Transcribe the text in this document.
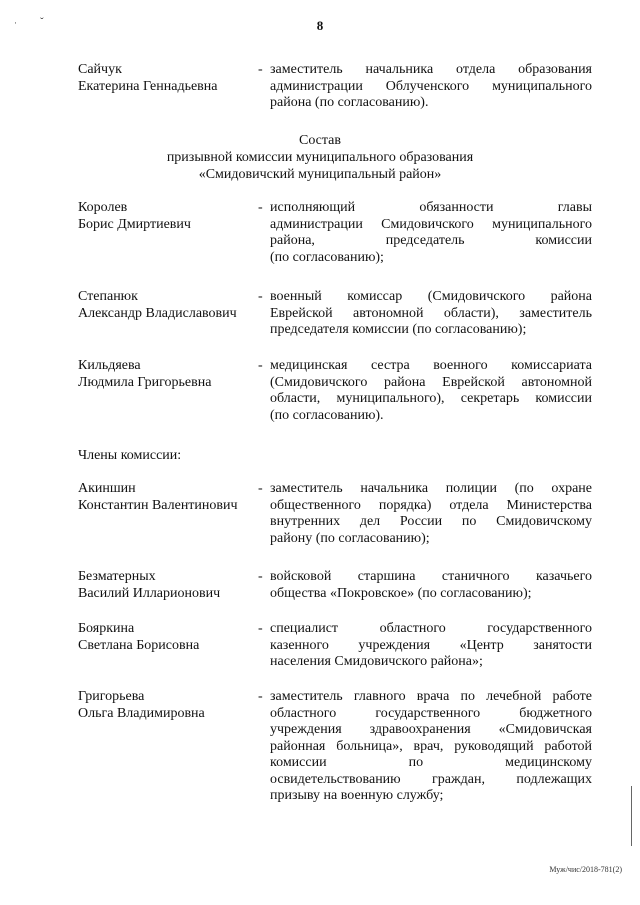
· ˇ	8
Сайчук
Екатерина Геннадьевна
- заместитель начальника отдела образования
администрации Облученского муниципального
района (по согласованию).
Состав
призывной комиссии муниципального образования
«Смидовичский муниципальный район»
Королев
Борис Дмиртиевич
- исполняющий обязанности главы
администрации Смидовичского муниципального
района, председатель комиссии
(по согласованию);
Степанюк
Александр Владиславович
- военный комиссар (Смидовичского района
Еврейской автономной области), заместитель
председателя комиссии (по согласованию);
Кильдяева
Людмила Григорьевна
- медицинская сестра военного комиссариата
(Смидовичского района Еврейской автономной
области, муниципального), секретарь комиссии
(по согласованию).
Члены комиссии:
Акиншин
Константин Валентинович
- заместитель начальника полиции (по охране
общественного порядка) отдела Министерства
внутренних дел России по Смидовичскому
району (по согласованию);
Безматерных
Василий Илларионович
- войсковой старшина станичного казачьего
общества «Покровское» (по согласованию);
Бояркина
Светлана Борисовна
- специалист областного государственного
казенного учреждения «Центр занятости
населения Смидовичского района»;
Григорьева
Ольга Владимировна
- заместитель главного врача по лечебной работе
областного государственного бюджетного
учреждения здравоохранения «Смидовичская
районная больница», врач, руководящий работой
комиссии по медицинскому
освидетельствованию граждан, подлежащих
призыву на военную службу;
Муж/чис/2018-781(2)
